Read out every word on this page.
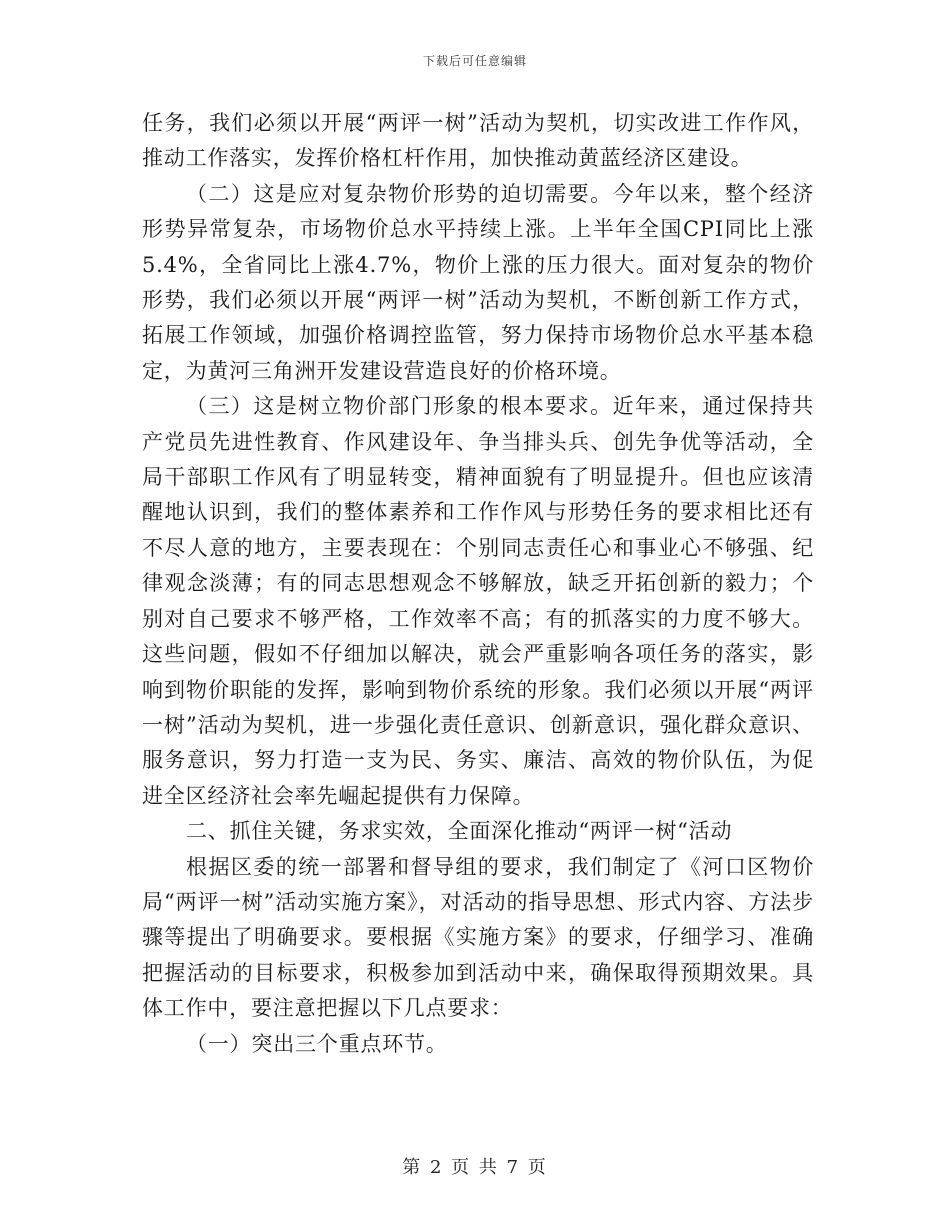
下载后可任意编辑

任务，我们必须以开展“两评一树”活动为契机，切实改进工作作风，推动工作落实，发挥价格杠杆作用，加快推动黄蓝经济区建设。

（二）这是应对复杂物价形势的迫切需要。今年以来，整个经济形势异常复杂，市场物价总水平持续上涨。上半年全国CPI同比上涨5.4%，全省同比上涨4.7%，物价上涨的压力很大。面对复杂的物价形势，我们必须以开展“两评一树”活动为契机，不断创新工作方式，拓展工作领域，加强价格调控监管，努力保持市场物价总水平基本稳定，为黄河三角洲开发建设营造良好的价格环境。

（三）这是树立物价部门形象的根本要求。近年来，通过保持共产党员先进性教育、作风建设年、争当排头兵、创先争优等活动，全局干部职工作风有了明显转变，精神面貌有了明显提升。但也应该清醒地认识到，我们的整体素养和工作作风与形势任务的要求相比还有不尽人意的地方，主要表现在：个别同志责任心和事业心不够强、纪律观念淡薄；有的同志思想观念不够解放，缺乏开拓创新的毅力；个别对自己要求不够严格，工作效率不高；有的抓落实的力度不够大。这些问题，假如不仔细加以解决，就会严重影响各项任务的落实，影响到物价职能的发挥，影响到物价系统的形象。我们必须以开展“两评一树”活动为契机，进一步强化责任意识、创新意识，强化群众意识、服务意识，努力打造一支为民、务实、廉洁、高效的物价队伍，为促进全区经济社会率先崛起提供有力保障。

二、抓住关键，务求实效，全面深化推动“两评一树“活动

根据区委的统一部署和督导组的要求，我们制定了《河口区物价局“两评一树”活动实施方案》，对活动的指导思想、形式内容、方法步骤等提出了明确要求。要根据《实施方案》的要求，仔细学习、准确把握活动的目标要求，积极参加到活动中来，确保取得预期效果。具体工作中，要注意把握以下几点要求：

（一）突出三个重点环节。

第 2 页 共 7 页
